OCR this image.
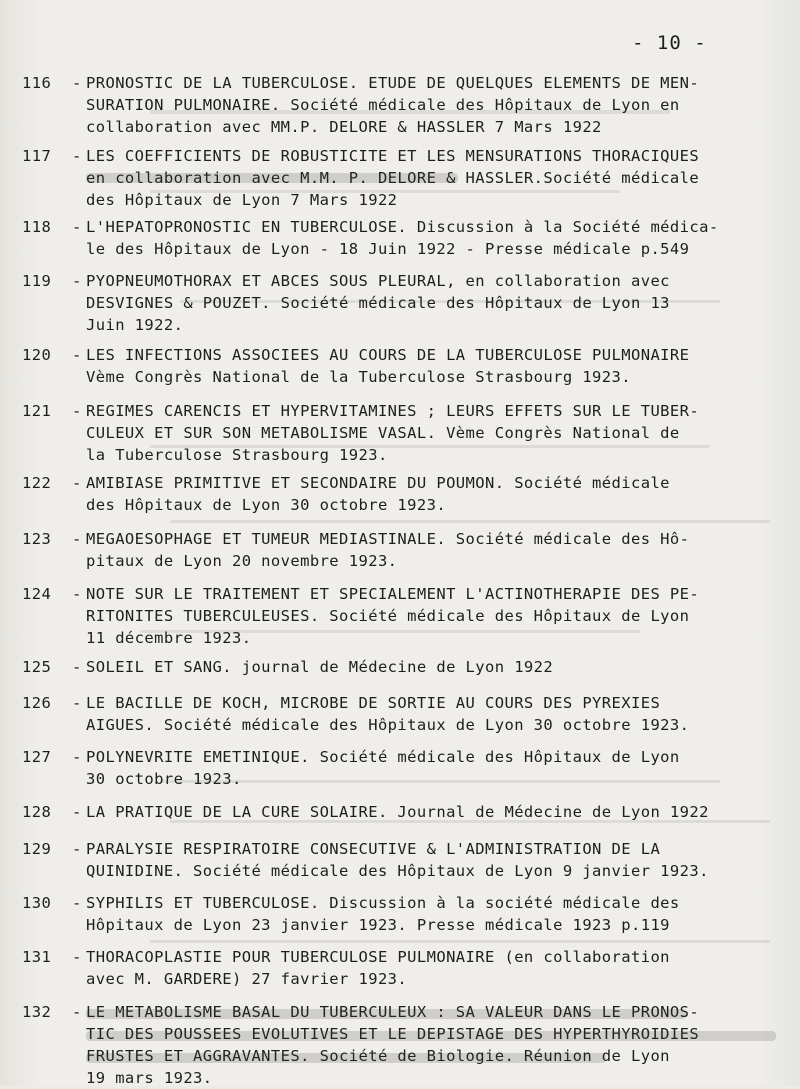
- 10 -
116	- PRONOSTIC DE LA TUBERCULOSE. ETUDE DE QUELQUES ELEMENTS DE MEN-
SURATION PULMONAIRE. Société médicale des Hôpitaux de Lyon en
collaboration avec MM.P. DELORE & HASSLER 7 Mars 1922
117	- LES COEFFICIENTS DE ROBUSTICITE ET LES MENSURATIONS THORACIQUES
en collaboration avec M.M. P. DELORE & HASSLER.Société médicale
des Hôpitaux de Lyon 7 Mars 1922
118	- L'HEPATOPRONOSTIC EN TUBERCULOSE. Discussion à la Société médica-
le des Hôpitaux de Lyon - 18 Juin 1922 - Presse médicale p.549
119	- PYOPNEUMOTHORAX ET ABCES SOUS PLEURAL, en collaboration avec
DESVIGNES & POUZET. Société médicale des Hôpitaux de Lyon 13
Juin 1922.
120	- LES INFECTIONS ASSOCIEES AU COURS DE LA TUBERCULOSE PULMONAIRE
Vème Congrès National de la Tuberculose Strasbourg 1923.
121	- REGIMES CARENCIS ET HYPERVITAMINES ; LEURS EFFETS SUR LE TUBER-
CULEUX ET SUR SON METABOLISME VASAL. Vème Congrès National de
la Tuberculose Strasbourg 1923.
122	- AMIBIASE PRIMITIVE ET SECONDAIRE DU POUMON. Société médicale
des Hôpitaux de Lyon 30 octobre 1923.
123	- MEGAOESOPHAGE ET TUMEUR MEDIASTINALE. Société médicale des Hô-
pitaux de Lyon 20 novembre 1923.
124	- NOTE SUR LE TRAITEMENT ET SPECIALEMENT L'ACTINOTHERAPIE DES PE-
RITONITES TUBERCULEUSES. Société médicale des Hôpitaux de Lyon
11 décembre 1923.
125	- SOLEIL ET SANG. journal de Médecine de Lyon 1922
126	- LE BACILLE DE KOCH, MICROBE DE SORTIE AU COURS DES PYREXIES
AIGUES. Société médicale des Hôpitaux de Lyon 30 octobre 1923.
127	- POLYNEVRITE EMETINIQUE. Société médicale des Hôpitaux de Lyon
30 octobre 1923.
128	- LA PRATIQUE DE LA CURE SOLAIRE. Journal de Médecine de Lyon 1922
129	- PARALYSIE RESPIRATOIRE CONSECUTIVE & L'ADMINISTRATION DE LA
QUINIDINE. Société médicale des Hôpitaux de Lyon 9 janvier 1923.
130	- SYPHILIS ET TUBERCULOSE. Discussion à la société médicale des
Hôpitaux de Lyon 23 janvier 1923. Presse médicale 1923 p.119
131	- THORACOPLASTIE POUR TUBERCULOSE PULMONAIRE (en collaboration
avec M. GARDERE) 27 favrier 1923.
132	- LE METABOLISME BASAL DU TUBERCULEUX : SA VALEUR DANS LE PRONOS-
TIC DES POUSSEES EVOLUTIVES ET LE DEPISTAGE DES HYPERTHYROIDIES
FRUSTES ET AGGRAVANTES. Société de Biologie. Réunion de Lyon
19 mars 1923.
